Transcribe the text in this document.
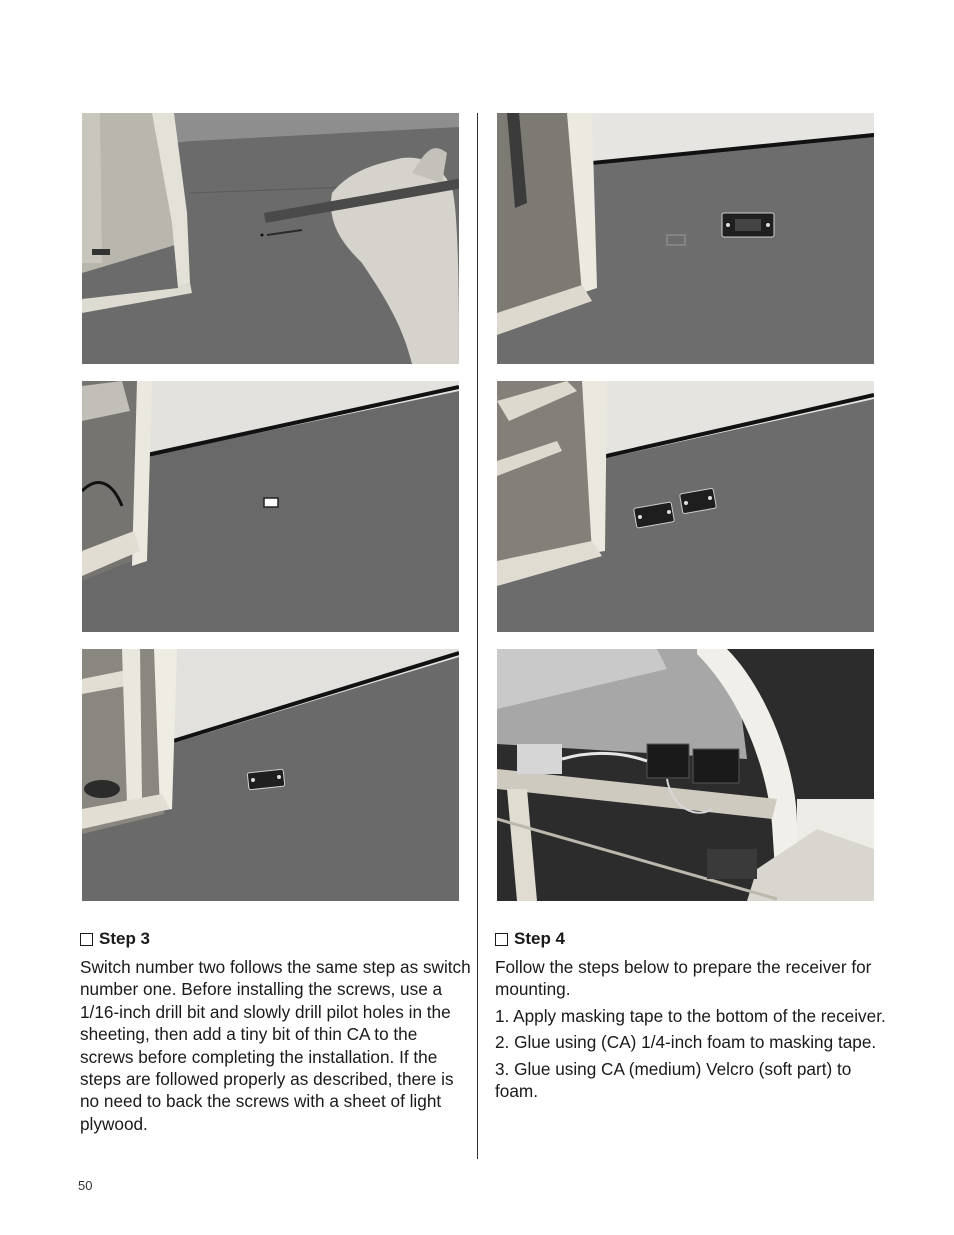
Step 3

Switch number two follows the same step as switch number one. Before installing the screws, use a 1/16-inch drill bit and slowly drill pilot holes in the sheeting, then add a tiny bit of thin CA to the screws before completing the installation. If the steps are followed properly as described, there is no need to back the screws with a sheet of light plywood.

Step 4

Follow the steps below to prepare the receiver for mounting.

1. Apply masking tape to the bottom of the receiver.

2. Glue using (CA) 1/4-inch foam to masking tape.

3. Glue using CA (medium) Velcro (soft part) to foam.

50
